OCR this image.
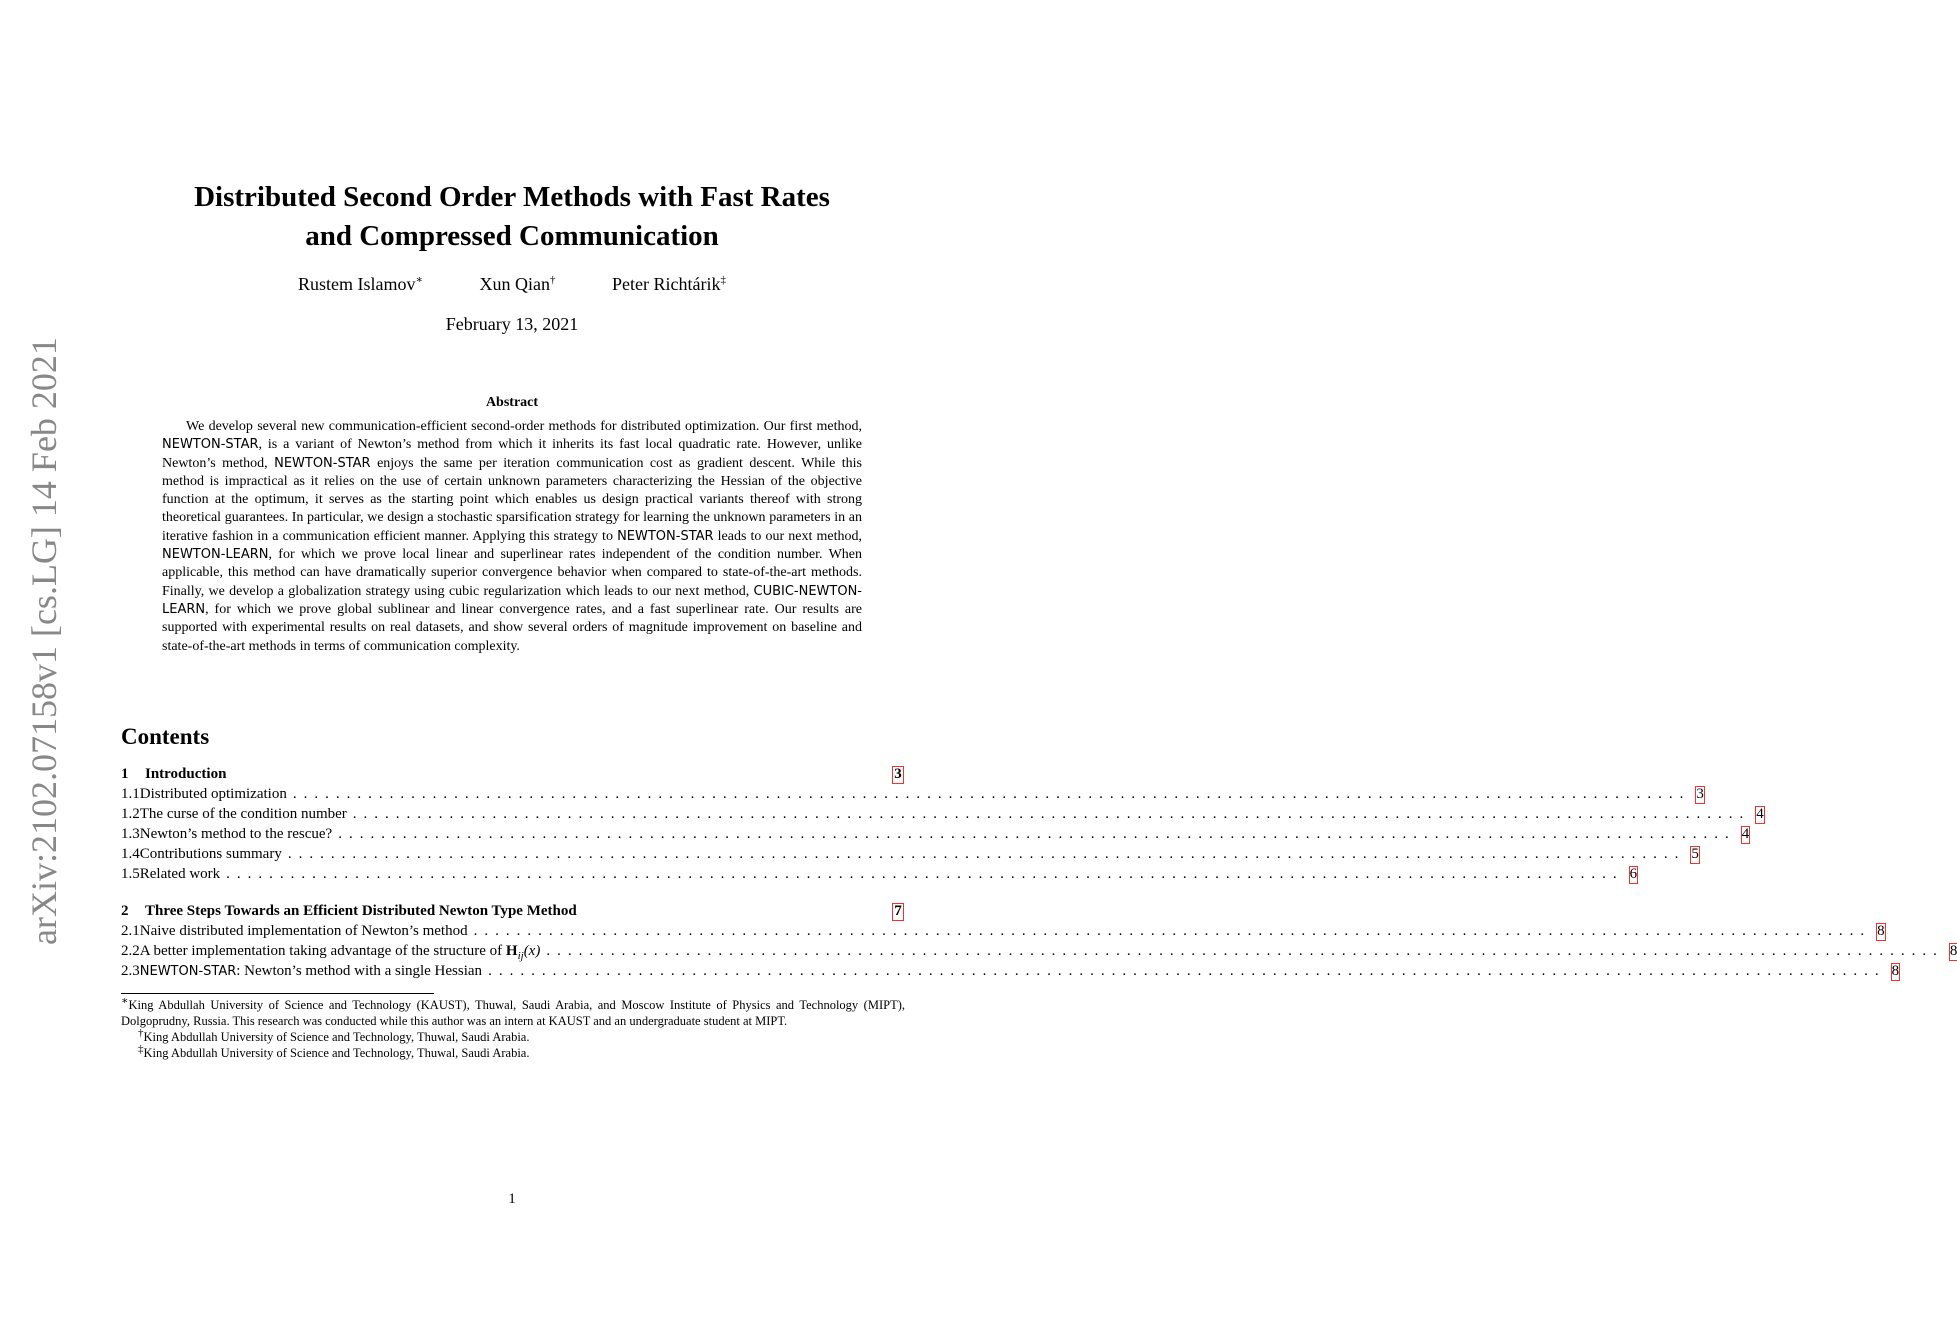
arXiv:2102.07158v1 [cs.LG] 14 Feb 2021
Distributed Second Order Methods with Fast Rates
and Compressed Communication
Rustem Islamov∗	Xun Qian†	Peter Richtárik‡
February 13, 2021
Abstract

We develop several new communication-efficient second-order methods for distributed optimization. Our first method, NEWTON-STAR, is a variant of Newton’s method from which it inherits its fast local quadratic rate. However, unlike Newton’s method, NEWTON-STAR enjoys the same per iteration communication cost as gradient descent. While this method is impractical as it relies on the use of certain unknown parameters characterizing the Hessian of the objective function at the optimum, it serves as the starting point which enables us design practical variants thereof with strong theoretical guarantees. In particular, we design a stochastic sparsification strategy for learning the unknown parameters in an iterative fashion in a communication efficient manner. Applying this strategy to NEWTON-STAR leads to our next method, NEWTON-LEARN, for which we prove local linear and superlinear rates independent of the condition number. When applicable, this method can have dramatically superior convergence behavior when compared to state-of-the-art methods. Finally, we develop a globalization strategy using cubic regularization which leads to our next method, CUBIC-NEWTON-LEARN, for which we prove global sublinear and linear convergence rates, and a fast superlinear rate. Our results are supported with experimental results on real datasets, and show several orders of magnitude improvement on baseline and state-of-the-art methods in terms of communication complexity.

Contents
1	Introduction	3
1.1 Distributed optimization .................................................................................................................................. 3
1.2 The curse of the condition number .................................................................................................................................. 4
1.3 Newton’s method to the rescue? .................................................................................................................................. 4
1.4 Contributions summary .................................................................................................................................. 5
1.5 Related work .................................................................................................................................. 6
2	Three Steps Towards an Efficient Distributed Newton Type Method	7
2.1 Naive distributed implementation of Newton’s method .................................................................................................................................. 8
2.2 A better implementation taking advantage of the structure of $H_{ij}(x)$ .................................................................................................................................. 8
2.3 NEWTON-STAR: Newton’s method with a single Hessian .................................................................................................................................. 8

∗King Abdullah University of Science and Technology (KAUST), Thuwal, Saudi Arabia, and Moscow Institute of Physics and Technology (MIPT), Dolgoprudny, Russia. This research was conducted while this author was an intern at KAUST and an undergraduate student at MIPT.

†King Abdullah University of Science and Technology, Thuwal, Saudi Arabia.

‡King Abdullah University of Science and Technology, Thuwal, Saudi Arabia.

1
